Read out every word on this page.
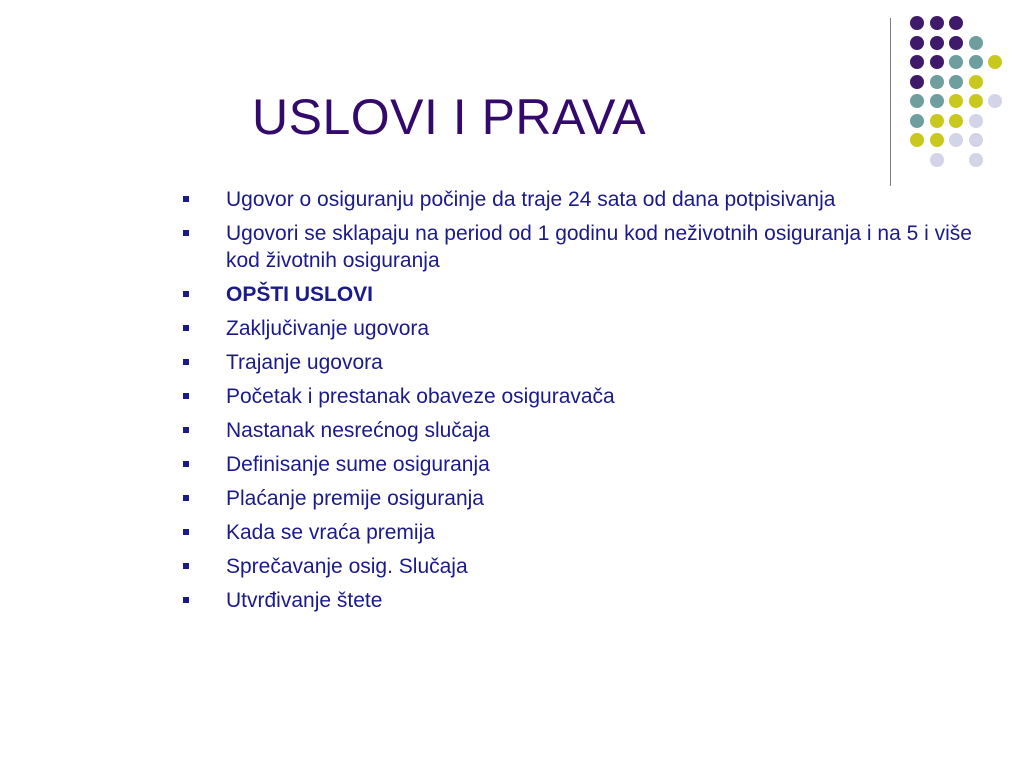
USLOVI I PRAVA
Ugovor o osiguranju počinje da traje 24 sata od dana potpisivanja
Ugovori se sklapaju na period od 1 godinu kod neživotnih osiguranja i na 5 i više kod životnih osiguranja
OPŠTI USLOVI
Zaključivanje ugovora
Trajanje ugovora
Početak i prestanak obaveze osiguravača
Nastanak nesrećnog slučaja
Definisanje sume osiguranja
Plaćanje premije osiguranja
Kada se vraća premija
Sprečavanje osig. Slučaja
Utvrđivanje štete
